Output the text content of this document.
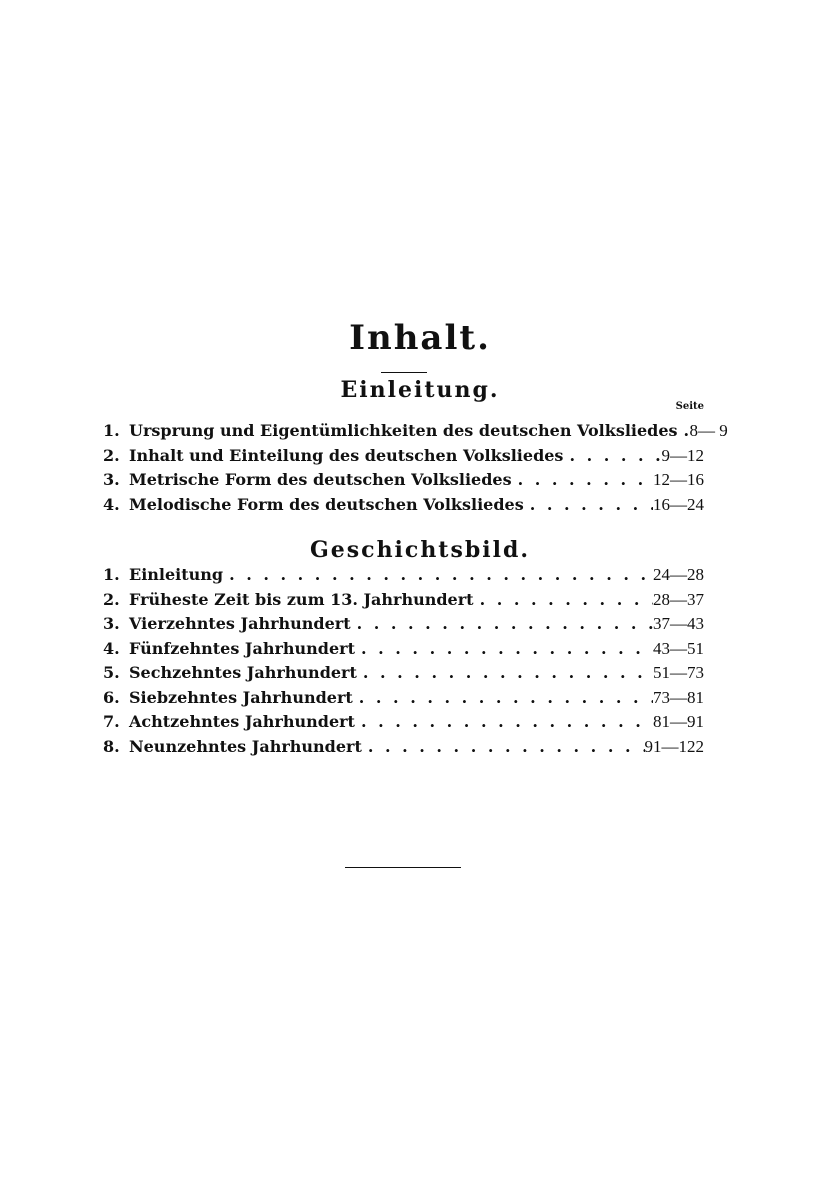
Inhalt.
Einleitung.
Seite
1. Ursprung und Eigentümlichkeiten des deutschen Volksliedes . . . 8— 9
2. Inhalt und Einteilung des deutschen Volksliedes . . .	9—12
3. Metrische Form des deutschen Volksliedes . . .	12—16
4. Melodische Form des deutschen Volksliedes . . .	16—24
Geschichtsbild.
1. Einleitung . . .	24—28
2. Früheste Zeit bis zum 13. Jahrhundert . . .	28—37
3. Vierzehntes Jahrhundert . . .	37—43
4. Fünfzehntes Jahrhundert . . .	43—51
5. Sechzehntes Jahrhundert . . .	51—73
6. Siebzehntes Jahrhundert . . .	73—81
7. Achtzehntes Jahrhundert . . .	81—91
8. Neunzehntes Jahrhundert . . .	91—122
